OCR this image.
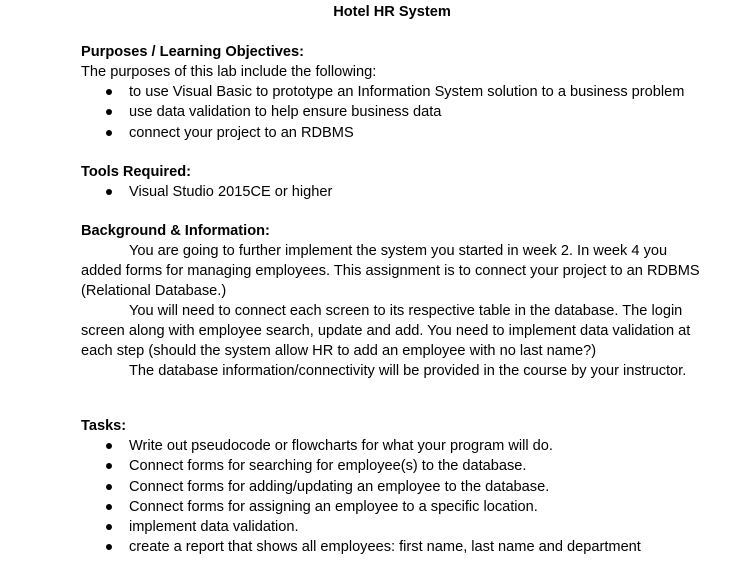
Hotel HR System
Purposes / Learning Objectives:
The purposes of this lab include the following:
to use Visual Basic to prototype an Information System solution to a business problem
use data validation to help ensure business data
connect your project to an RDBMS
Tools Required:
Visual Studio 2015CE or higher
Background & Information:
You are going to further implement the system you started in week 2. In week 4 you
added forms for managing employees. This assignment is to connect your project to an RDBMS
(Relational Database.)
You will need to connect each screen to its respective table in the database. The login
screen along with employee search, update and add. You need to implement data validation at
each step (should the system allow HR to add an employee with no last name?)
The database information/connectivity will be provided in the course by your instructor.
Tasks:
Write out pseudocode or flowcharts for what your program will do.
Connect forms for searching for employee(s) to the database.
Connect forms for adding/updating an employee to the database.
Connect forms for assigning an employee to a specific location.
implement data validation.
create a report that shows all employees: first name, last name and department
